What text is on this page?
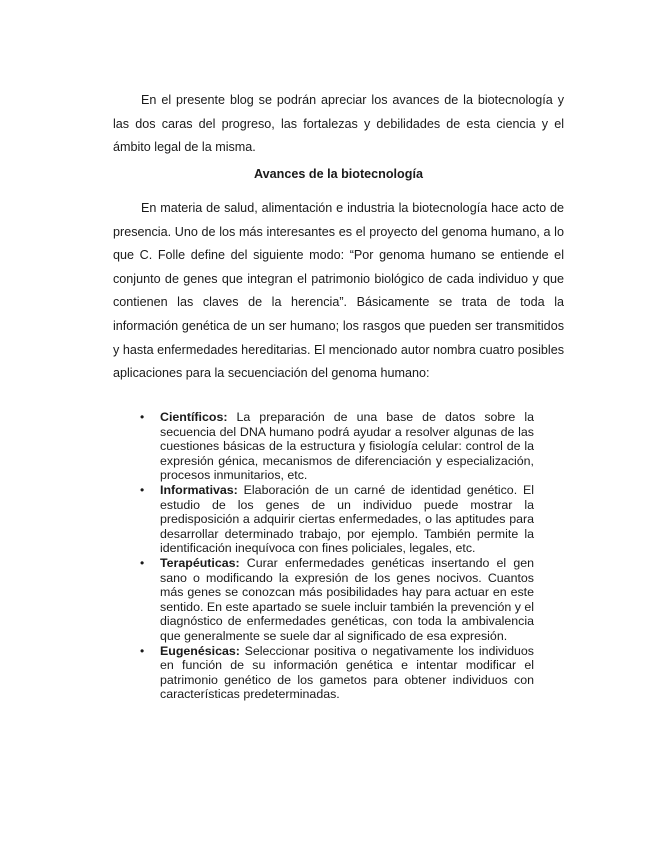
En el presente blog se podrán apreciar los avances de la biotecnología y las dos caras del progreso, las fortalezas y debilidades de esta ciencia y el ámbito legal de la misma.

Avances de la biotecnología

En materia de salud, alimentación e industria la biotecnología hace acto de presencia. Uno de los más interesantes es el proyecto del genoma humano, a lo que C. Folle define del siguiente modo: “Por genoma humano se entiende el conjunto de genes que integran el patrimonio biológico de cada individuo y que contienen las claves de la herencia”. Básicamente se trata de toda la información genética de un ser humano; los rasgos que pueden ser transmitidos y hasta enfermedades hereditarias. El mencionado autor nombra cuatro posibles aplicaciones para la secuenciación del genoma humano:

• Científicos: La preparación de una base de datos sobre la secuencia del DNA humano podrá ayudar a resolver algunas de las cuestiones básicas de la estructura y fisiología celular: control de la expresión génica, mecanismos de diferenciación y especialización, procesos inmunitarios, etc.
• Informativas: Elaboración de un carné de identidad genético. El estudio de los genes de un individuo puede mostrar la predisposición a adquirir ciertas enfermedades, o las aptitudes para desarrollar determinado trabajo, por ejemplo. También permite la identificación inequívoca con fines policiales, legales, etc.
• Terapéuticas: Curar enfermedades genéticas insertando el gen sano o modificando la expresión de los genes nocivos. Cuantos más genes se conozcan más posibilidades hay para actuar en este sentido. En este apartado se suele incluir también la prevención y el diagnóstico de enfermedades genéticas, con toda la ambivalencia que generalmente se suele dar al significado de esa expresión.
• Eugenésicas: Seleccionar positiva o negativamente los individuos en función de su información genética e intentar modificar el patrimonio genético de los gametos para obtener individuos con características predeterminadas.
